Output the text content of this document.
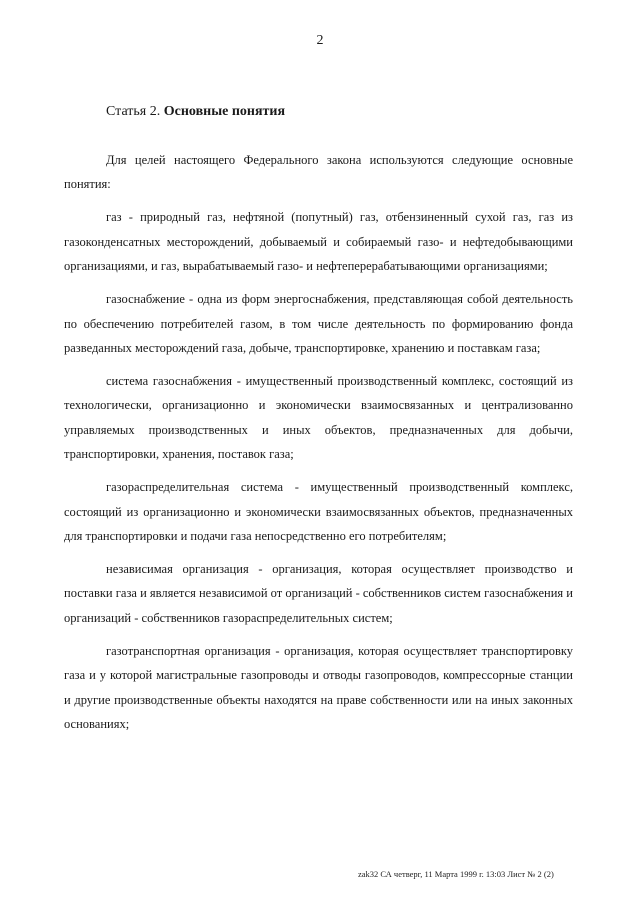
2
Статья 2. Основные понятия

Для целей настоящего Федерального закона используются следующие основные понятия:

газ - природный газ, нефтяной (попутный) газ, отбензиненный сухой газ, газ из газоконденсатных месторождений, добываемый и собираемый газо- и нефтедобывающими организациями, и газ, вырабатываемый газо- и нефтеперерабатывающими организациями;

газоснабжение - одна из форм энергоснабжения, представляющая собой деятельность по обеспечению потребителей газом, в том числе деятельность по формированию фонда разведанных месторождений газа, добыче, транспортировке, хранению и поставкам газа;

система газоснабжения - имущественный производственный комплекс, состоящий из технологически, организационно и экономически взаимосвязанных и централизованно управляемых производственных и иных объектов, предназначенных для добычи, транспортировки, хранения, поставок газа;

газораспределительная система - имущественный производственный комплекс, состоящий из организационно и экономически взаимосвязанных объектов, предназначенных для транспортировки и подачи газа непосредственно его потребителям;

независимая организация - организация, которая осуществляет производство и поставки газа и является независимой от организаций - собственников систем газоснабжения и организаций - собственников газораспределительных систем;

газотранспортная организация - организация, которая осуществляет транспортировку газа и у которой магистральные газопроводы и отводы газопроводов, компрессорные станции и другие производственные объекты находятся на праве собственности или на иных законных основаниях;

zak32 СА четверг, 11 Марта 1999 г. 13:03 Лист № 2 (2)
